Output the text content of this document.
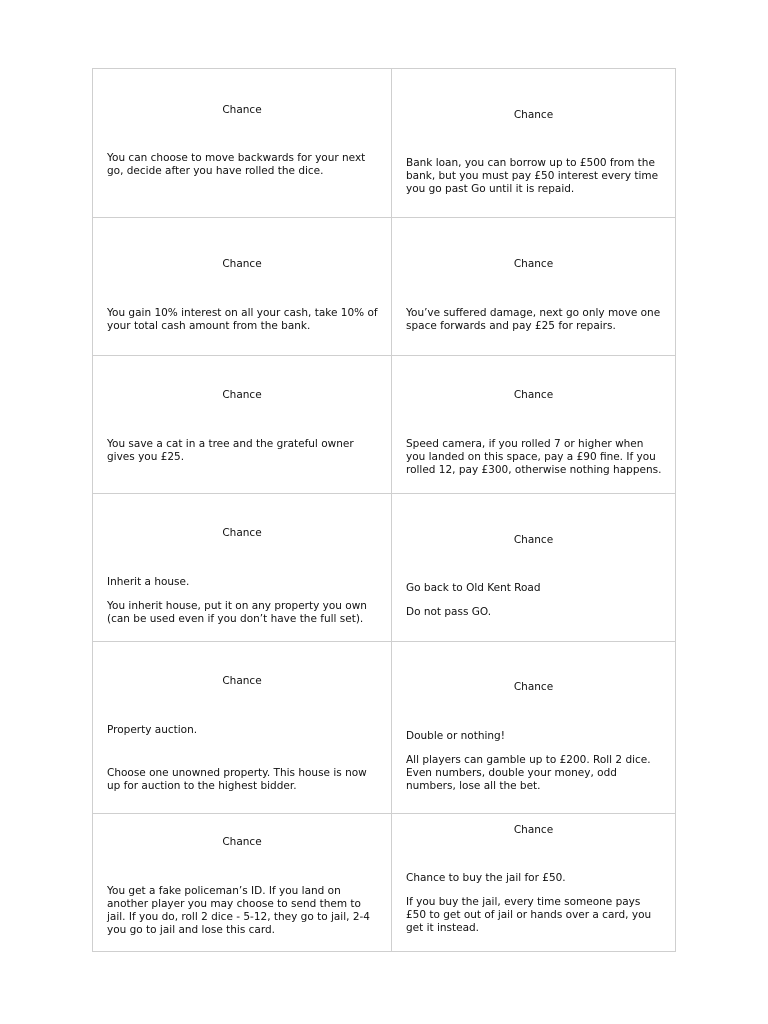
Chance

You can choose to move backwards for your next go, decide after you have rolled the dice.

Chance

Bank loan, you can borrow up to £500 from the bank, but you must pay £50 interest every time you go past Go until it is repaid.

Chance

You gain 10% interest on all your cash, take 10% of your total cash amount from the bank.

Chance

You’ve suffered damage, next go only move one space forwards and pay £25 for repairs.

Chance

You save a cat in a tree and the grateful owner gives you £25.

Chance

Speed camera, if you rolled 7 or higher when you landed on this space, pay a £90 fine. If you rolled 12, pay £300, otherwise nothing happens.

Chance

Inherit a house.

You inherit house, put it on any property you own (can be used even if you don’t have the full set).

Chance

Go back to Old Kent Road

Do not pass GO.

Chance

Property auction.

Choose one unowned property. This house is now up for auction to the highest bidder.

Chance

Double or nothing!

All players can gamble up to £200. Roll 2 dice. Even numbers, double your money, odd numbers, lose all the bet.

Chance

You get a fake policeman’s ID. If you land on another player you may choose to send them to jail. If you do, roll 2 dice - 5-12, they go to jail, 2-4 you go to jail and lose this card.

Chance

Chance to buy the jail for £50.

If you buy the jail, every time someone pays £50 to get out of jail or hands over a card, you get it instead.
